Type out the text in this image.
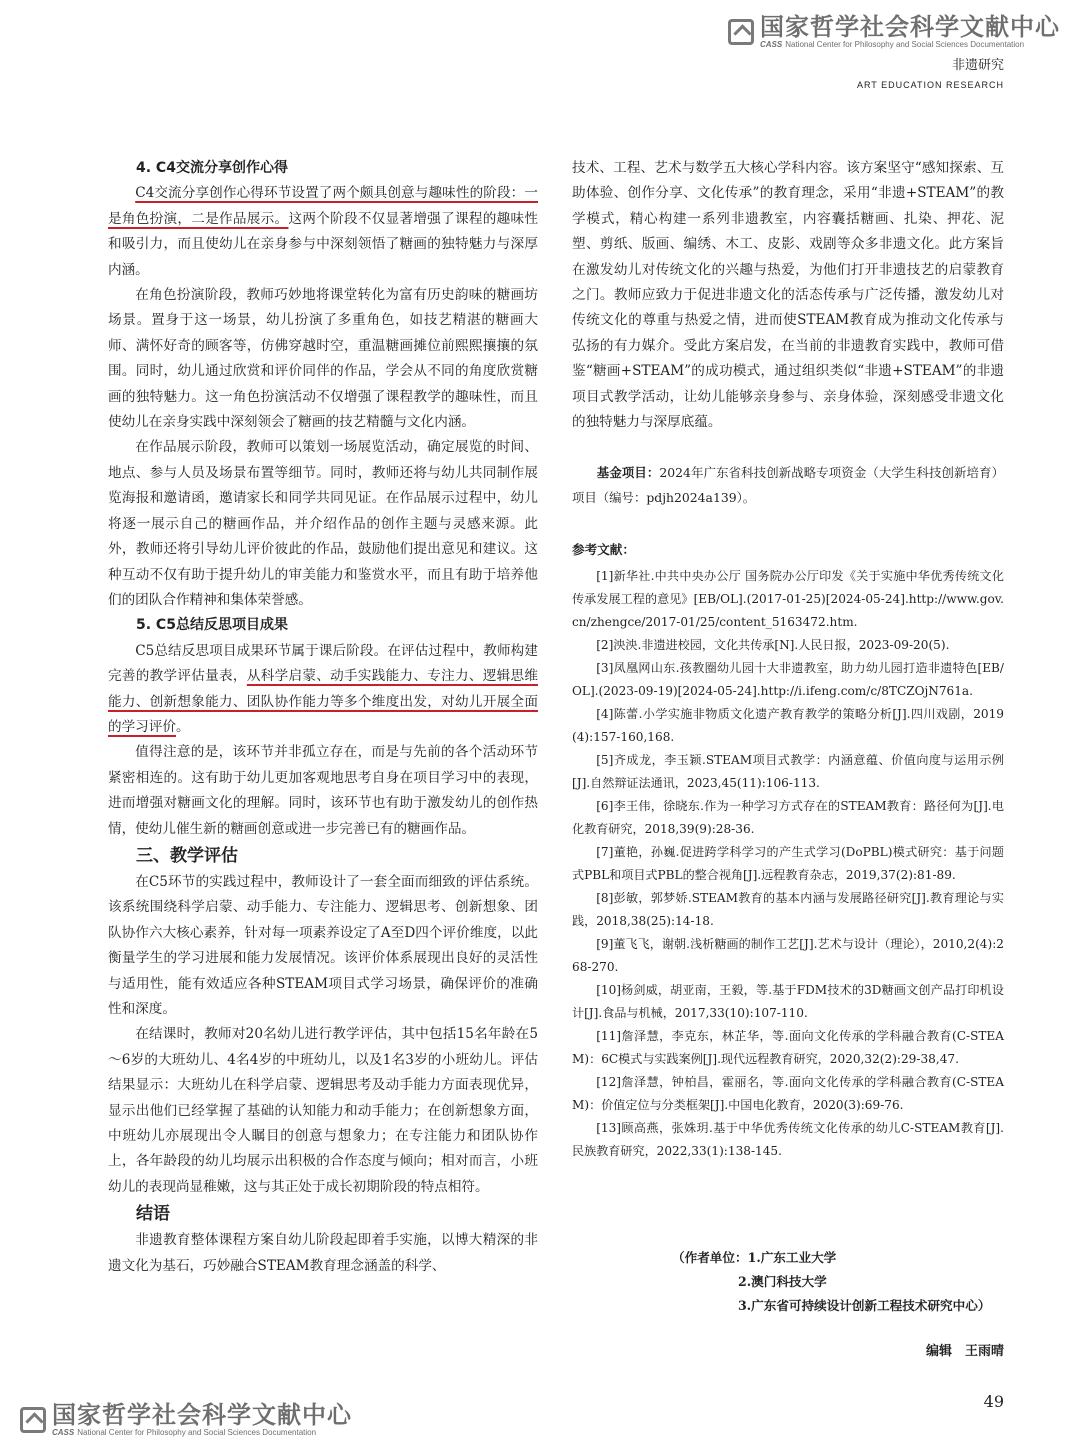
国家哲学社会科学文献中心
CASS National Center for Philosophy and Social Sciences Documentation
非遗研究
ART EDUCATION RESEARCH
4. C4交流分享创作心得

C4交流分享创作心得环节设置了两个颇具创意与趣味性的阶段：一是角色扮演，二是作品展示。这两个阶段不仅显著增强了课程的趣味性和吸引力，而且使幼儿在亲身参与中深刻领悟了糖画的独特魅力与深厚内涵。

在角色扮演阶段，教师巧妙地将课堂转化为富有历史韵味的糖画坊场景。置身于这一场景，幼儿扮演了多重角色，如技艺精湛的糖画大师、满怀好奇的顾客等，仿佛穿越时空，重温糖画摊位前熙熙攘攘的氛围。同时，幼儿通过欣赏和评价同伴的作品，学会从不同的角度欣赏糖画的独特魅力。这一角色扮演活动不仅增强了课程教学的趣味性，而且使幼儿在亲身实践中深刻领会了糖画的技艺精髓与文化内涵。

在作品展示阶段，教师可以策划一场展览活动，确定展览的时间、地点、参与人员及场景布置等细节。同时，教师还将与幼儿共同制作展览海报和邀请函，邀请家长和同学共同见证。在作品展示过程中，幼儿将逐一展示自己的糖画作品，并介绍作品的创作主题与灵感来源。此外，教师还将引导幼儿评价彼此的作品，鼓励他们提出意见和建议。这种互动不仅有助于提升幼儿的审美能力和鉴赏水平，而且有助于培养他们的团队合作精神和集体荣誉感。

5. C5总结反思项目成果

C5总结反思项目成果环节属于课后阶段。在评估过程中，教师构建完善的教学评估量表，从科学启蒙、动手实践能力、专注力、逻辑思维能力、创新想象能力、团队协作能力等多个维度出发，对幼儿开展全面的学习评价。

值得注意的是，该环节并非孤立存在，而是与先前的各个活动环节紧密相连的。这有助于幼儿更加客观地思考自身在项目学习中的表现，进而增强对糖画文化的理解。同时，该环节也有助于激发幼儿的创作热情，使幼儿催生新的糖画创意或进一步完善已有的糖画作品。

三、教学评估

在C5环节的实践过程中，教师设计了一套全面而细致的评估系统。该系统围绕科学启蒙、动手能力、专注能力、逻辑思考、创新想象、团队协作六大核心素养，针对每一项素养设定了A至D四个评价维度，以此衡量学生的学习进展和能力发展情况。该评价体系展现出良好的灵活性与适用性，能有效适应各种STEAM项目式学习场景，确保评价的准确性和深度。

在结课时，教师对20名幼儿进行教学评估，其中包括15名年龄在5～6岁的大班幼儿、4名4岁的中班幼儿，以及1名3岁的小班幼儿。评估结果显示：大班幼儿在科学启蒙、逻辑思考及动手能力方面表现优异，显示出他们已经掌握了基础的认知能力和动手能力；在创新想象方面，中班幼儿亦展现出令人瞩目的创意与想象力；在专注能力和团队协作上，各年龄段的幼儿均展示出积极的合作态度与倾向；相对而言，小班幼儿的表现尚显稚嫩，这与其正处于成长初期阶段的特点相符。

结语

非遗教育整体课程方案自幼儿阶段起即着手实施，以博大精深的非遗文化为基石，巧妙融合STEAM教育理念涵盖的科学、

技术、工程、艺术与数学五大核心学科内容。该方案坚守“感知探索、互助体验、创作分享、文化传承”的教育理念，采用“非遗+STEAM”的教学模式，精心构建一系列非遗教室，内容囊括糖画、扎染、押花、泥塑、剪纸、版画、编绣、木工、皮影、戏剧等众多非遗文化。此方案旨在激发幼儿对传统文化的兴趣与热爱，为他们打开非遗技艺的启蒙教育之门。教师应致力于促进非遗文化的活态传承与广泛传播，激发幼儿对传统文化的尊重与热爱之情，进而使STEAM教育成为推动文化传承与弘扬的有力媒介。受此方案启发，在当前的非遗教育实践中，教师可借鉴“糖画+STEAM”的成功模式，通过组织类似“非遗+STEAM”的非遗项目式教学活动，让幼儿能够亲身参与、亲身体验，深刻感受非遗文化的独特魅力与深厚底蕴。

基金项目：2024年广东省科技创新战略专项资金（大学生科技创新培育）项目（编号：pdjh2024a139）。
参考文献：

[1]新华社.中共中央办公厅 国务院办公厅印发《关于实施中华优秀传统文化传承发展工程的意见》[EB/OL].(2017-01-25)[2024-05-24].http://www.gov.cn/zhengce/2017-01/25/content_5163472.htm.

[2]泱泱.非遗进校园，文化共传承[N].人民日报，2023-09-20(5).

[3]凤凰网山东.孩教圈幼儿园十大非遗教室，助力幼儿园打造非遗特色[EB/OL].(2023-09-19)[2024-05-24].http://i.ifeng.com/c/8TCZOjN761a.

[4]陈蕾.小学实施非物质文化遗产教育教学的策略分析[J].四川戏剧，2019(4):157-160,168.

[5]齐成龙，李玉颖.STEAM项目式教学：内涵意蕴、价值向度与运用示例[J].自然辩证法通讯，2023,45(11):106-113.

[6]李王伟，徐晓东.作为一种学习方式存在的STEAM教育：路径何为[J].电化教育研究，2018,39(9):28-36.

[7]董艳，孙巍.促进跨学科学习的产生式学习(DoPBL)模式研究：基于问题式PBL和项目式PBL的整合视角[J].远程教育杂志，2019,37(2):81-89.

[8]彭敏，郭梦娇.STEAM教育的基本内涵与发展路径研究[J].教育理论与实践，2018,38(25):14-18.

[9]董飞飞，谢朝.浅析糖画的制作工艺[J].艺术与设计（理论），2010,2(4):268-270.

[10]杨剑威，胡亚南，王毅，等.基于FDM技术的3D糖画文创产品打印机设计[J].食品与机械，2017,33(10):107-110.

[11]詹泽慧，李克东，林芷华，等.面向文化传承的学科融合教育(C-STEAM)：6C模式与实践案例[J].现代远程教育研究，2020,32(2):29-38,47.

[12]詹泽慧，钟柏昌，霍丽名，等.面向文化传承的学科融合教育(C-STEAM)：价值定位与分类框架[J].中国电化教育，2020(3):69-76.

[13]顾高燕，张姝玥.基于中华优秀传统文化传承的幼儿C-STEAM教育[J].民族教育研究，2022,33(1):138-145.

（作者单位：1.广东工业大学
2.澳门科技大学
3.广东省可持续设计创新工程技术研究中心）
编辑　王雨晴
49
国家哲学社会科学文献中心
CASS National Center for Philosophy and Social Sciences Documentation
